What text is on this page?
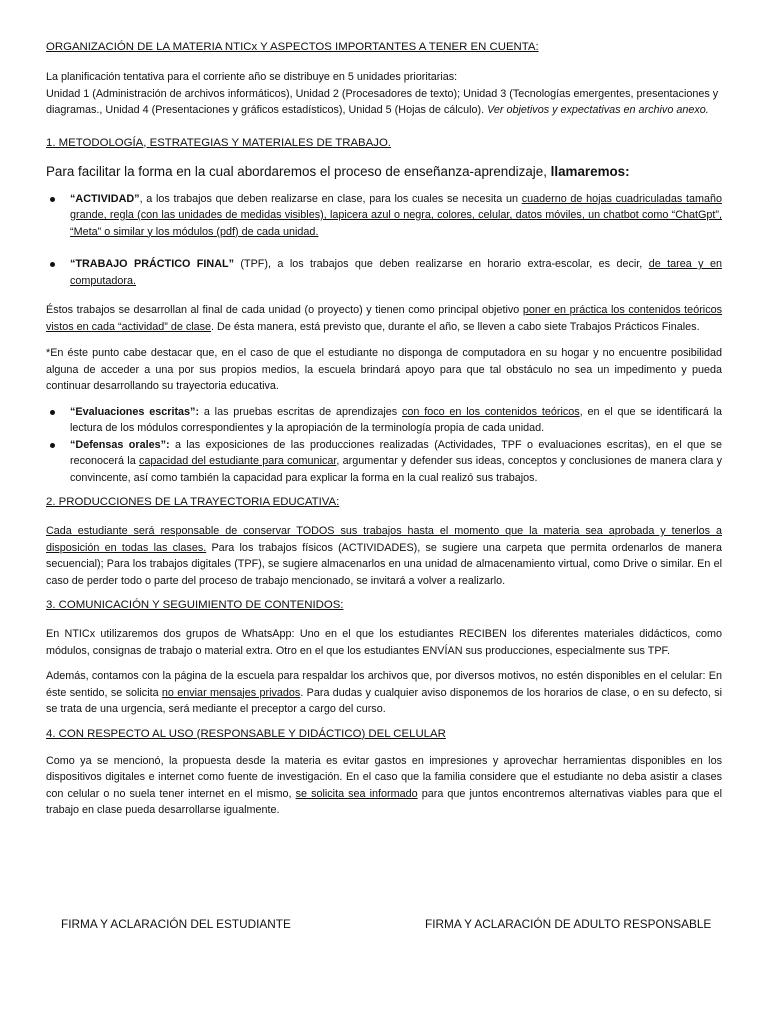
ORGANIZACIÓN DE LA MATERIA NTICx Y ASPECTOS IMPORTANTES A TENER EN CUENTA:

La planificación tentativa para el corriente año se distribuye en 5 unidades prioritarias:
Unidad 1 (Administración de archivos informáticos), Unidad 2 (Procesadores de texto); Unidad 3 (Tecnologías emergentes, presentaciones y diagramas., Unidad 4 (Presentaciones y gráficos estadísticos), Unidad 5 (Hojas de cálculo). Ver objetivos y expectativas en archivo anexo.

1. METODOLOGÍA, ESTRATEGIAS Y MATERIALES DE TRABAJO.

Para facilitar la forma en la cual abordaremos el proceso de enseñanza-aprendizaje, llamaremos:

“ACTIVIDAD”, a los trabajos que deben realizarse en clase, para los cuales se necesita un cuaderno de hojas cuadriculadas tamaño grande, regla (con las unidades de medidas visibles), lapicera azul o negra, colores, celular, datos móviles, un chatbot como “ChatGpt”, “Meta” o similar y los módulos (pdf) de cada unidad.
“TRABAJO PRÁCTICO FINAL” (TPF), a los trabajos que deben realizarse en horario extra-escolar, es decir, de tarea y en computadora.

Éstos trabajos se desarrollan al final de cada unidad (o proyecto) y tienen como principal objetivo poner en práctica los contenidos teóricos vistos en cada “actividad” de clase. De ésta manera, está previsto que, durante el año, se lleven a cabo siete Trabajos Prácticos Finales.

*En éste punto cabe destacar que, en el caso de que el estudiante no disponga de computadora en su hogar y no encuentre posibilidad alguna de acceder a una por sus propios medios, la escuela brindará apoyo para que tal obstáculo no sea un impedimento y pueda continuar desarrollando su trayectoria educativa.

“Evaluaciones escritas”: a las pruebas escritas de aprendizajes con foco en los contenidos teóricos, en el que se identificará la lectura de los módulos correspondientes y la apropiación de la terminología propia de cada unidad.
“Defensas orales”: a las exposiciones de las producciones realizadas (Actividades, TPF o evaluaciones escritas), en el que se reconocerá la capacidad del estudiante para comunicar, argumentar y defender sus ideas, conceptos y conclusiones de manera clara y convincente, así como también la capacidad para explicar la forma en la cual realizó sus trabajos.

2. PRODUCCIONES DE LA TRAYECTORIA EDUCATIVA:

Cada estudiante será responsable de conservar TODOS sus trabajos hasta el momento que la materia sea aprobada y tenerlos a disposición en todas las clases. Para los trabajos físicos (ACTIVIDADES), se sugiere una carpeta que permita ordenarlos de manera secuencial); Para los trabajos digitales (TPF), se sugiere almacenarlos en una unidad de almacenamiento virtual, como Drive o similar. En el caso de perder todo o parte del proceso de trabajo mencionado, se invitará a volver a realizarlo.

3. COMUNICACIÓN Y SEGUIMIENTO DE CONTENIDOS:

En NTICx utilizaremos dos grupos de WhatsApp: Uno en el que los estudiantes RECIBEN los diferentes materiales didácticos, como módulos, consignas de trabajo o material extra. Otro en el que los estudiantes ENVÍAN sus producciones, especialmente sus TPF.

Además, contamos con la página de la escuela para respaldar los archivos que, por diversos motivos, no estén disponibles en el celular: En éste sentido, se solicita no enviar mensajes privados. Para dudas y cualquier aviso disponemos de los horarios de clase, o en su defecto, si se trata de una urgencia, será mediante el preceptor a cargo del curso.

4. CON RESPECTO AL USO (RESPONSABLE Y DIDÁCTICO) DEL CELULAR

Como ya se mencionó, la propuesta desde la materia es evitar gastos en impresiones y aprovechar herramientas disponibles en los dispositivos digitales e internet como fuente de investigación. En el caso que la familia considere que el estudiante no deba asistir a clases con celular o no suela tener internet en el mismo, se solicita sea informado para que juntos encontremos alternativas viables para que el trabajo en clase pueda desarrollarse igualmente.

FIRMA Y ACLARACIÓN DEL ESTUDIANTE	FIRMA Y ACLARACIÓN DE ADULTO RESPONSABLE
